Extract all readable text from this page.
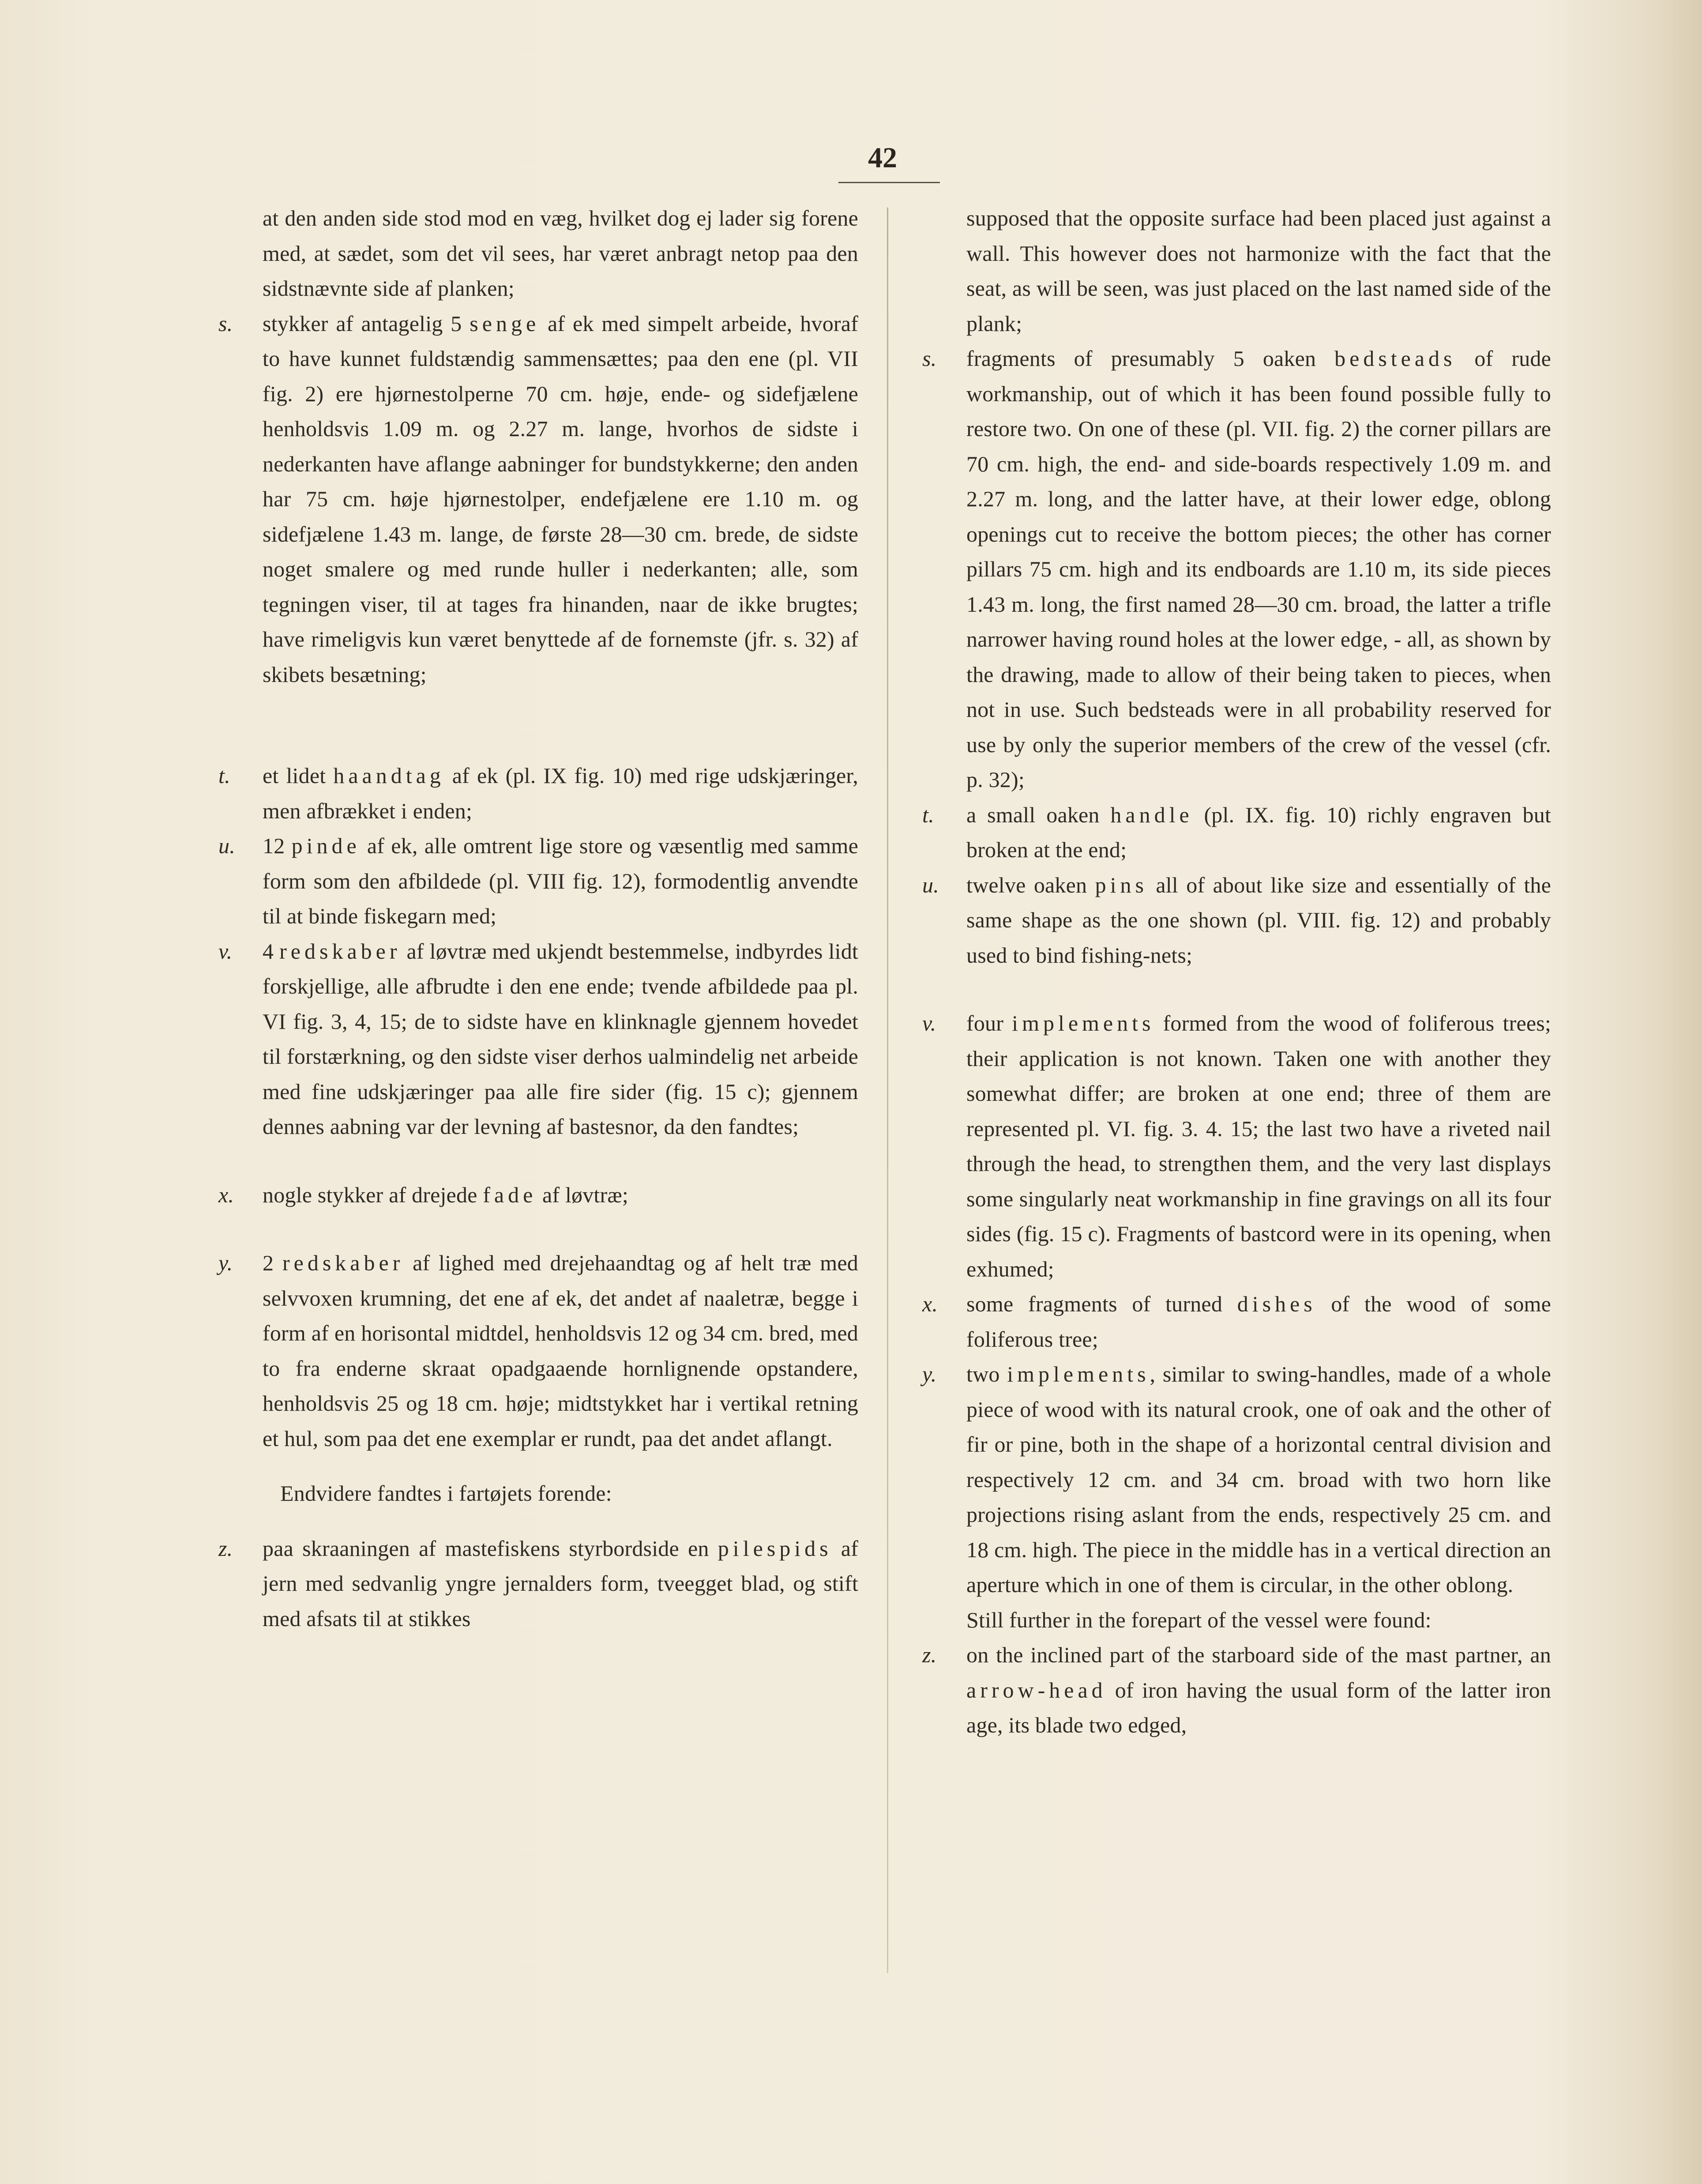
42
at den anden side stod mod en væg, hvilket dog ej lader sig forene med, at sædet, som det vil sees, har været anbragt netop paa den sidstnævnte side af planken;
s.	stykker af antagelig 5 senge af ek med simpelt arbeide, hvoraf to have kunnet fuldstændig sammensættes; paa den ene (pl. VII fig. 2) ere hjørnestolperne 70 cm. høje, ende- og sidefjælene henholdsvis 1.09 m. og 2.27 m. lange, hvorhos de sidste i nederkanten have aflange aabninger for bundstykkerne; den anden har 75 cm. høje hjørnestolper, endefjælene ere 1.10 m. og sidefjælene 1.43 m. lange, de første 28—30 cm. brede, de sidste noget smalere og med runde huller i nederkanten; alle, som tegningen viser, til at tages fra hinanden, naar de ikke brugtes; have rimeligvis kun været benyttede af de fornemste (jfr. s. 32) af skibets besætning;
t.	et lidet haandtag af ek (pl. IX fig. 10) med rige udskjæringer, men afbrækket i enden;
u.	12 pinde af ek, alle omtrent lige store og væsentlig med samme form som den afbildede (pl. VIII fig. 12), formodentlig anvendte til at binde fiskegarn med;
v.	4 redskaber af løvtræ med ukjendt bestemmelse, indbyrdes lidt forskjellige, alle afbrudte i den ene ende; tvende afbildede paa pl. VI fig. 3, 4, 15; de to sidste have en klinknagle gjennem hovedet til forstærkning, og den sidste viser derhos ualmindelig net arbeide med fine udskjæringer paa alle fire sider (fig. 15 c); gjennem dennes aabning var der levning af bastesnor, da den fandtes;
x.	nogle stykker af drejede fade af løvtræ;
y.	2 redskaber af lighed med drejehaandtag og af helt træ med selvvoxen krumning, det ene af ek, det andet af naaletræ, begge i form af en horisontal midtdel, henholdsvis 12 og 34 cm. bred, med to fra enderne skraat opadgaaende hornlignende opstandere, henholdsvis 25 og 18 cm. høje; midtstykket har i vertikal retning et hul, som paa det ene exemplar er rundt, paa det andet aflangt.
Endvidere fandtes i fartøjets forende:
z.	paa skraaningen af mastefiskens styrbordside en pilespids af jern med sedvanlig yngre jernalders form, tveegget blad, og stift med afsats til at stikkes
supposed that the opposite surface had been placed just against a wall. This however does not harmonize with the fact that the seat, as will be seen, was just placed on the last named side of the plank;
s.	fragments of presumably 5 oaken bedsteads of rude workmanship, out of which it has been found possible fully to restore two. On one of these (pl. VII. fig. 2) the corner pillars are 70 cm. high, the end- and side-boards respectively 1.09 m. and 2.27 m. long, and the latter have, at their lower edge, oblong openings cut to receive the bottom pieces; the other has corner pillars 75 cm. high and its endboards are 1.10 m, its side pieces 1.43 m. long, the first named 28—30 cm. broad, the latter a trifle narrower having round holes at the lower edge, - all, as shown by the drawing, made to allow of their being taken to pieces, when not in use. Such bedsteads were in all probability reserved for use by only the superior members of the crew of the vessel (cfr. p. 32);
t.	a small oaken handle (pl. IX. fig. 10) richly engraven but broken at the end;
u.	twelve oaken pins all of about like size and essentially of the same shape as the one shown (pl. VIII. fig. 12) and probably used to bind fishing-nets;
v.	four implements formed from the wood of foliferous trees; their application is not known. Taken one with another they somewhat differ; are broken at one end; three of them are represented pl. VI. fig. 3. 4. 15; the last two have a riveted nail through the head, to strengthen them, and the very last displays some singularly neat workmanship in fine gravings on all its four sides (fig. 15 c). Fragments of bastcord were in its opening, when exhumed;
x.	some fragments of turned dishes of the wood of some foliferous tree;
y.	two implements, similar to swing-handles, made of a whole piece of wood with its natural crook, one of oak and the other of fir or pine, both in the shape of a horizontal central division and respectively 12 cm. and 34 cm. broad with two horn like projections rising aslant from the ends, respectively 25 cm. and 18 cm. high. The piece in the middle has in a vertical direction an aperture which in one of them is circular, in the other oblong.
Still further in the forepart of the vessel were found:
z.	on the inclined part of the starboard side of the mast partner, an arrow-head of iron having the usual form of the latter iron age, its blade two edged,
